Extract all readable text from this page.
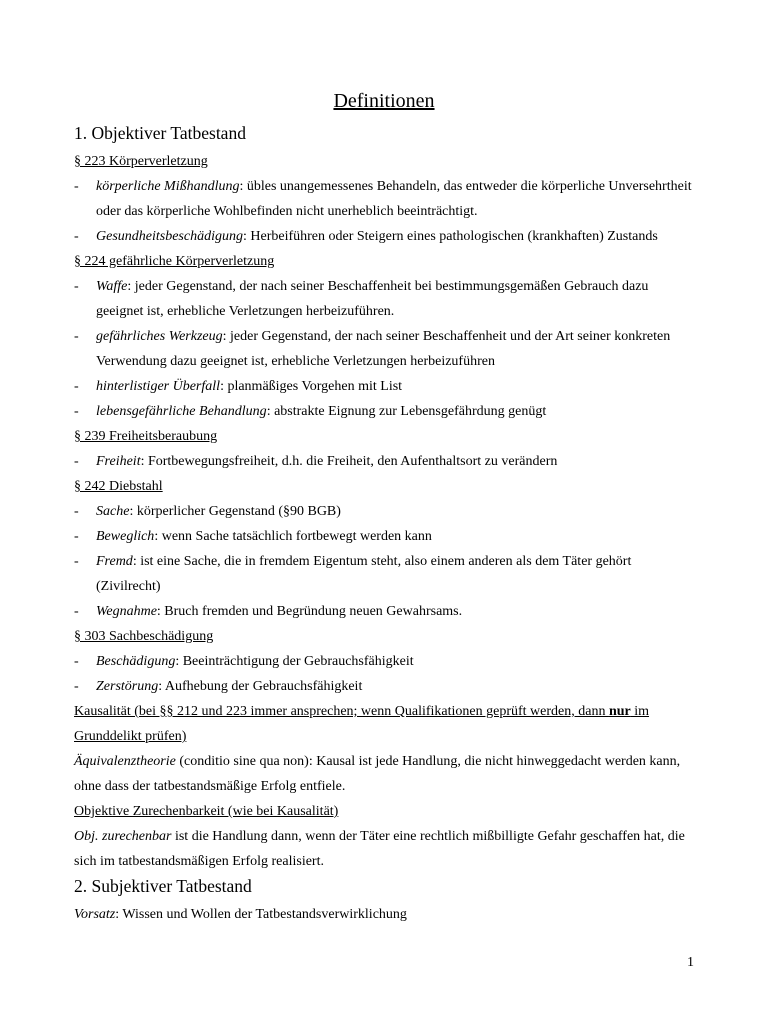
Definitionen
1. Objektiver Tatbestand
§ 223 Körperverletzung
- körperliche Mißhandlung: übles unangemessenes Behandeln, das entweder die körperliche Unversehrtheit oder das körperliche Wohlbefinden nicht unerheblich beeinträchtigt.
- Gesundheitsbeschädigung: Herbeiführen oder Steigern eines pathologischen (krankhaften) Zustands
§ 224 gefährliche Körperverletzung
- Waffe: jeder Gegenstand, der nach seiner Beschaffenheit bei bestimmungsgemäßen Gebrauch dazu geeignet ist, erhebliche Verletzungen herbeizuführen.
- gefährliches Werkzeug: jeder Gegenstand, der nach seiner Beschaffenheit und der Art seiner konkreten Verwendung dazu geeignet ist, erhebliche Verletzungen herbeizuführen
- hinterlistiger Überfall: planmäßiges Vorgehen mit List
- lebensgefährliche Behandlung: abstrakte Eignung zur Lebensgefährdung genügt
§ 239 Freiheitsberaubung
- Freiheit: Fortbewegungsfreiheit, d.h. die Freiheit, den Aufenthaltsort zu verändern
§ 242 Diebstahl
- Sache: körperlicher Gegenstand (§90 BGB)
- Beweglich: wenn Sache tatsächlich fortbewegt werden kann
- Fremd: ist eine Sache, die in fremdem Eigentum steht, also einem anderen als dem Täter gehört (Zivilrecht)
- Wegnahme: Bruch fremden und Begründung neuen Gewahrsams.
§ 303 Sachbeschädigung
- Beschädigung: Beeinträchtigung der Gebrauchsfähigkeit
- Zerstörung: Aufhebung der Gebrauchsfähigkeit
Kausalität (bei §§ 212 und 223 immer ansprechen; wenn Qualifikationen geprüft werden, dann nur im Grunddelikt prüfen)
Äquivalenztheorie (conditio sine qua non): Kausal ist jede Handlung, die nicht hinweggedacht werden kann, ohne dass der tatbestandsmäßige Erfolg entfiele.
Objektive Zurechenbarkeit (wie bei Kausalität)
Obj. zurechenbar ist die Handlung dann, wenn der Täter eine rechtlich mißbilligte Gefahr geschaffen hat, die sich im tatbestandsmäßigen Erfolg realisiert.
2. Subjektiver Tatbestand
Vorsatz: Wissen und Wollen der Tatbestandsverwirklichung
1
